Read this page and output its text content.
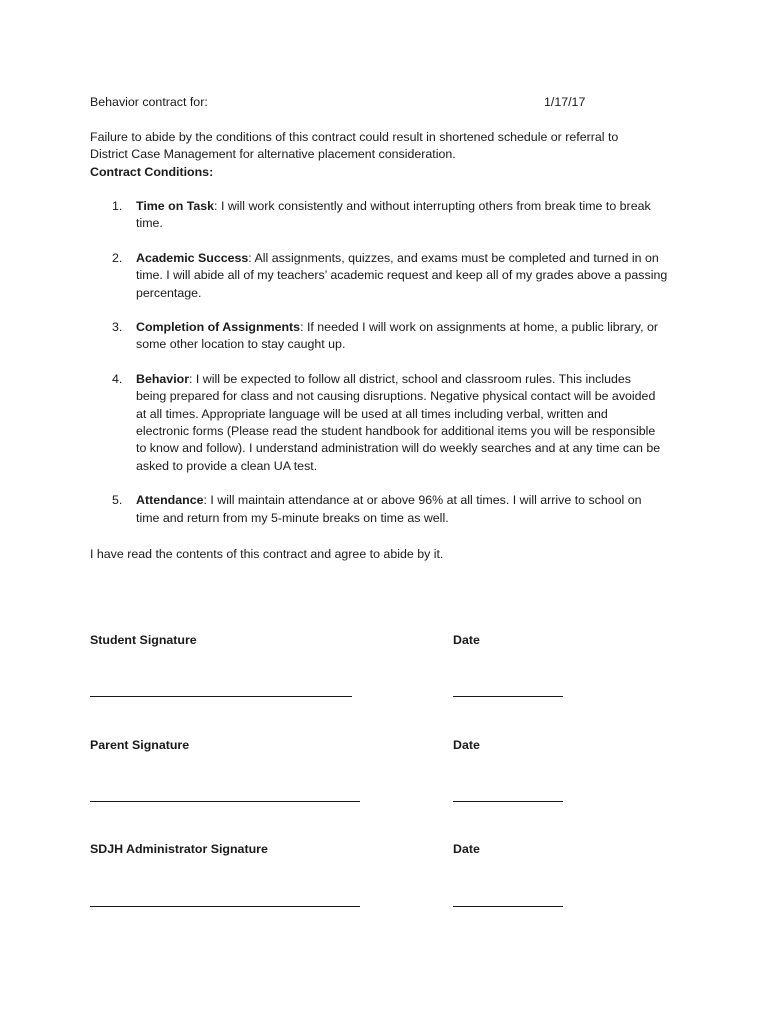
Behavior contract for:	1/17/17

Failure to abide by the conditions of this contract could result in shortened schedule or referral to

District Case Management for alternative placement consideration.

Contract Conditions:

1. Time on Task: I will work consistently and without interrupting others from break time to break
time.
2. Academic Success: All assignments, quizzes, and exams must be completed and turned in on
time. I will abide all of my teachers’ academic request and keep all of my grades above a passing
percentage.
3. Completion of Assignments: If needed I will work on assignments at home, a public library, or
some other location to stay caught up.
4. Behavior: I will be expected to follow all district, school and classroom rules. This includes
being prepared for class and not causing disruptions. Negative physical contact will be avoided
at all times. Appropriate language will be used at all times including verbal, written and
electronic forms (Please read the student handbook for additional items you will be responsible
to know and follow). I understand administration will do weekly searches and at any time can be
asked to provide a clean UA test.
5. Attendance: I will maintain attendance at or above 96% at all times. I will arrive to school on
time and return from my 5-minute breaks on time as well.
I have read the contents of this contract and agree to abide by it.
Student Signature	Date
Parent Signature	Date
SDJH Administrator Signature	Date
